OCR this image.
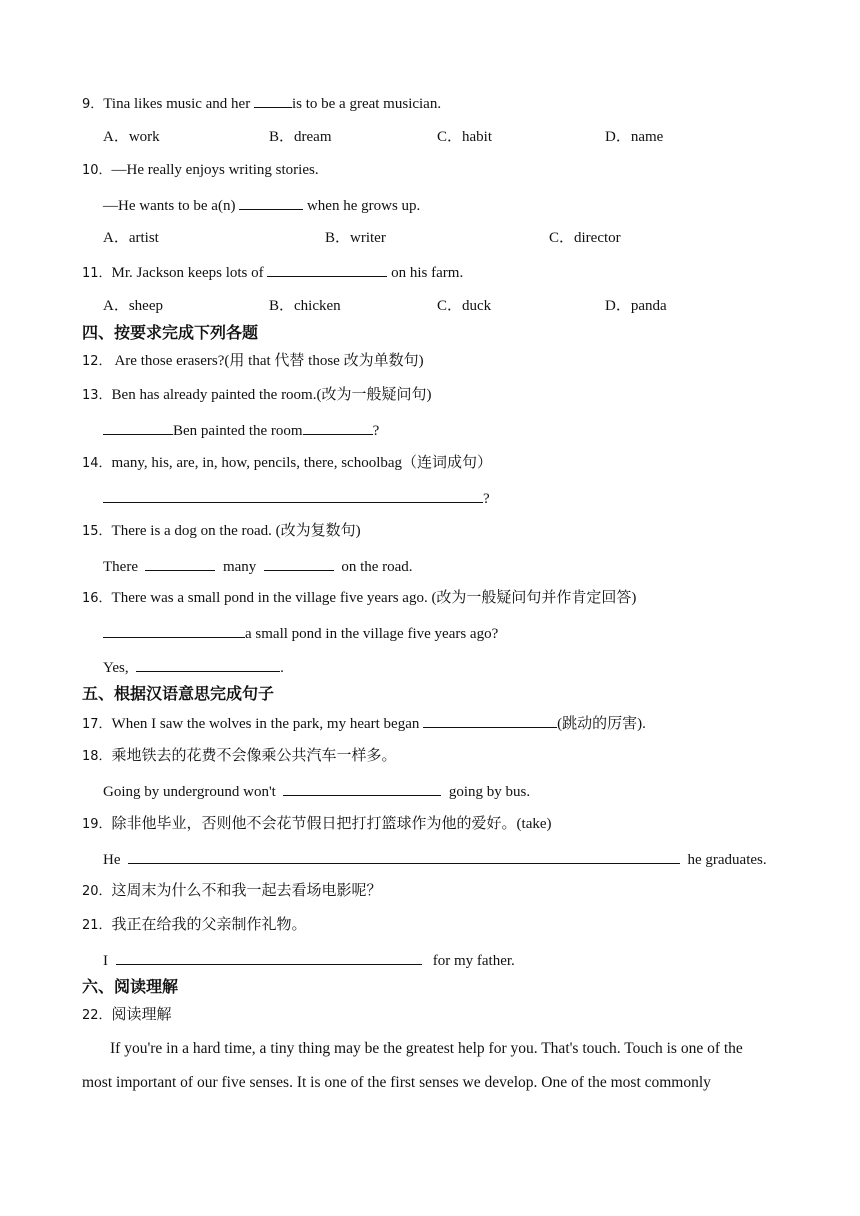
9．Tina likes music and her	is to be a great musician.
A．work	B．dream	C．habit	D．name
10．—He really enjoys writing stories.
—He wants to be a(n)	when he grows up.
A．artist	B．writer	C．director
11．Mr. Jackson keeps lots of	on his farm.
A．sheep	B．chicken	C．duck	D．panda
四、按要求完成下列各题
12． Are those erasers?(用 that 代替 those 改为单数句)
13．Ben has already painted the room.(改为一般疑问句)
Ben painted the room	?
14．many, his, are, in, how, pencils, there, schoolbag（连词成句）
?
15．There is a dog on the road. (改为复数句)
There	many	on the road.
16．There was a small pond in the village five years ago. (改为一般疑问句并作肯定回答)
a small pond in the village five years ago?
Yes,	.
五、根据汉语意思完成句子
17．When I saw the wolves in the park, my heart began	(跳动的厉害).
18．乘地铁去的花费不会像乘公共汽车一样多。
Going by underground won't	going by bus.
19．除非他毕业，否则他不会花节假日把打打篮球作为他的爱好。(take)
He	he graduates.
20．这周末为什么不和我一起去看场电影呢？
21．我正在给我的父亲制作礼物。
I	for my father.
六、阅读理解
22．阅读理解
If you're in a hard time, a tiny thing may be the greatest help for you. That's touch. Touch is one of the
most important of our five senses. It is one of the first senses we develop. One of the most commonly
